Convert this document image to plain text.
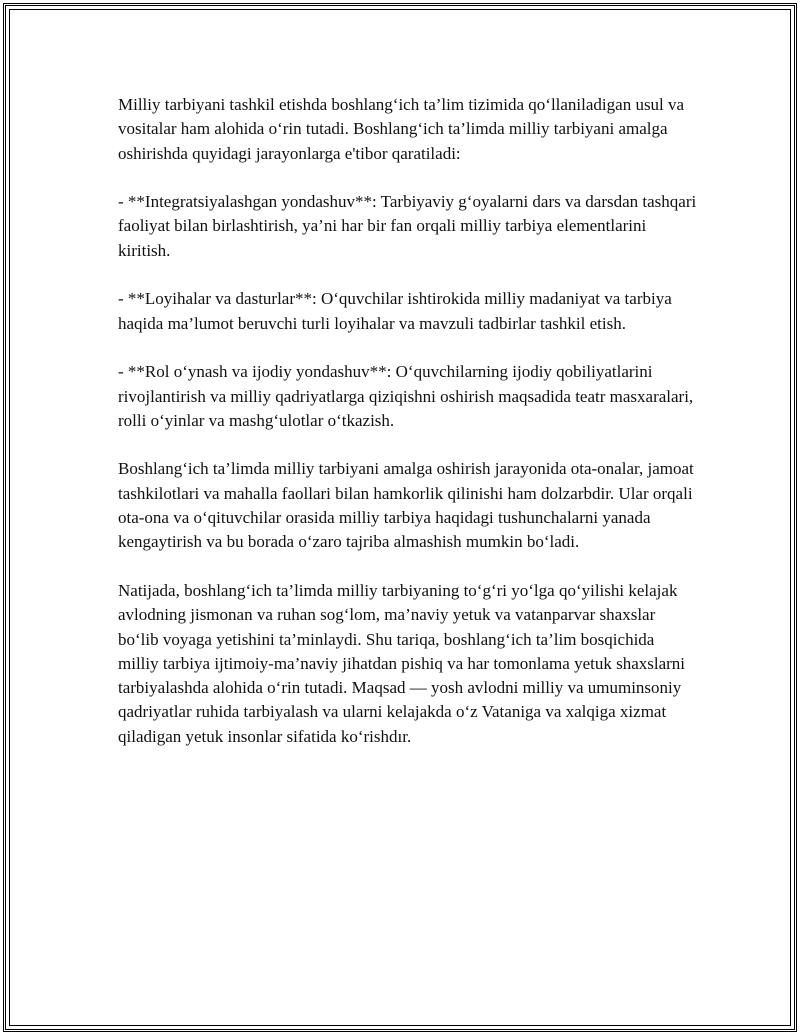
Milliy tarbiyani tashkil etishda boshlang‘ich ta’lim tizimida qo‘llaniladigan usul va vositalar ham alohida o‘rin tutadi. Boshlang‘ich ta’limda milliy tarbiyani amalga oshirishda quyidagi jarayonlarga e'tibor qaratiladi:

- **Integratsiyalashgan yondashuv**: Tarbiyaviy g‘oyalarni dars va darsdan tashqari faoliyat bilan birlashtirish, ya’ni har bir fan orqali milliy tarbiya elementlarini kiritish.

- **Loyihalar va dasturlar**: O‘quvchilar ishtirokida milliy madaniyat va tarbiya haqida ma’lumot beruvchi turli loyihalar va mavzuli tadbirlar tashkil etish.

- **Rol o‘ynash va ijodiy yondashuv**: O‘quvchilarning ijodiy qobiliyatlarini rivojlantirish va milliy qadriyatlarga qiziqishni oshirish maqsadida teatr masxaralari, rolli o‘yinlar va mashg‘ulotlar o‘tkazish.

Boshlang‘ich ta’limda milliy tarbiyani amalga oshirish jarayonida ota-onalar, jamoat tashkilotlari va mahalla faollari bilan hamkorlik qilinishi ham dolzarbdir. Ular orqali ota-ona va o‘qituvchilar orasida milliy tarbiya haqidagi tushunchalarni yanada kengaytirish va bu borada o‘zaro tajriba almashish mumkin bo‘ladi.

Natijada, boshlang‘ich ta’limda milliy tarbiyaning to‘g‘ri yo‘lga qo‘yilishi kelajak avlodning jismonan va ruhan sog‘lom, ma’naviy yetuk va vatanparvar shaxslar bo‘lib voyaga yetishini ta’minlaydi. Shu tariqa, boshlang‘ich ta’lim bosqichida milliy tarbiya ijtimoiy-ma’naviy jihatdan pishiq va har tomonlama yetuk shaxslarni tarbiyalashda alohida o‘rin tutadi. Maqsad — yosh avlodni milliy va umuminsoniy qadriyatlar ruhida tarbiyalash va ularni kelajakda o‘z Vataniga va xalqiga xizmat qiladigan yetuk insonlar sifatida ko‘rishdır.
